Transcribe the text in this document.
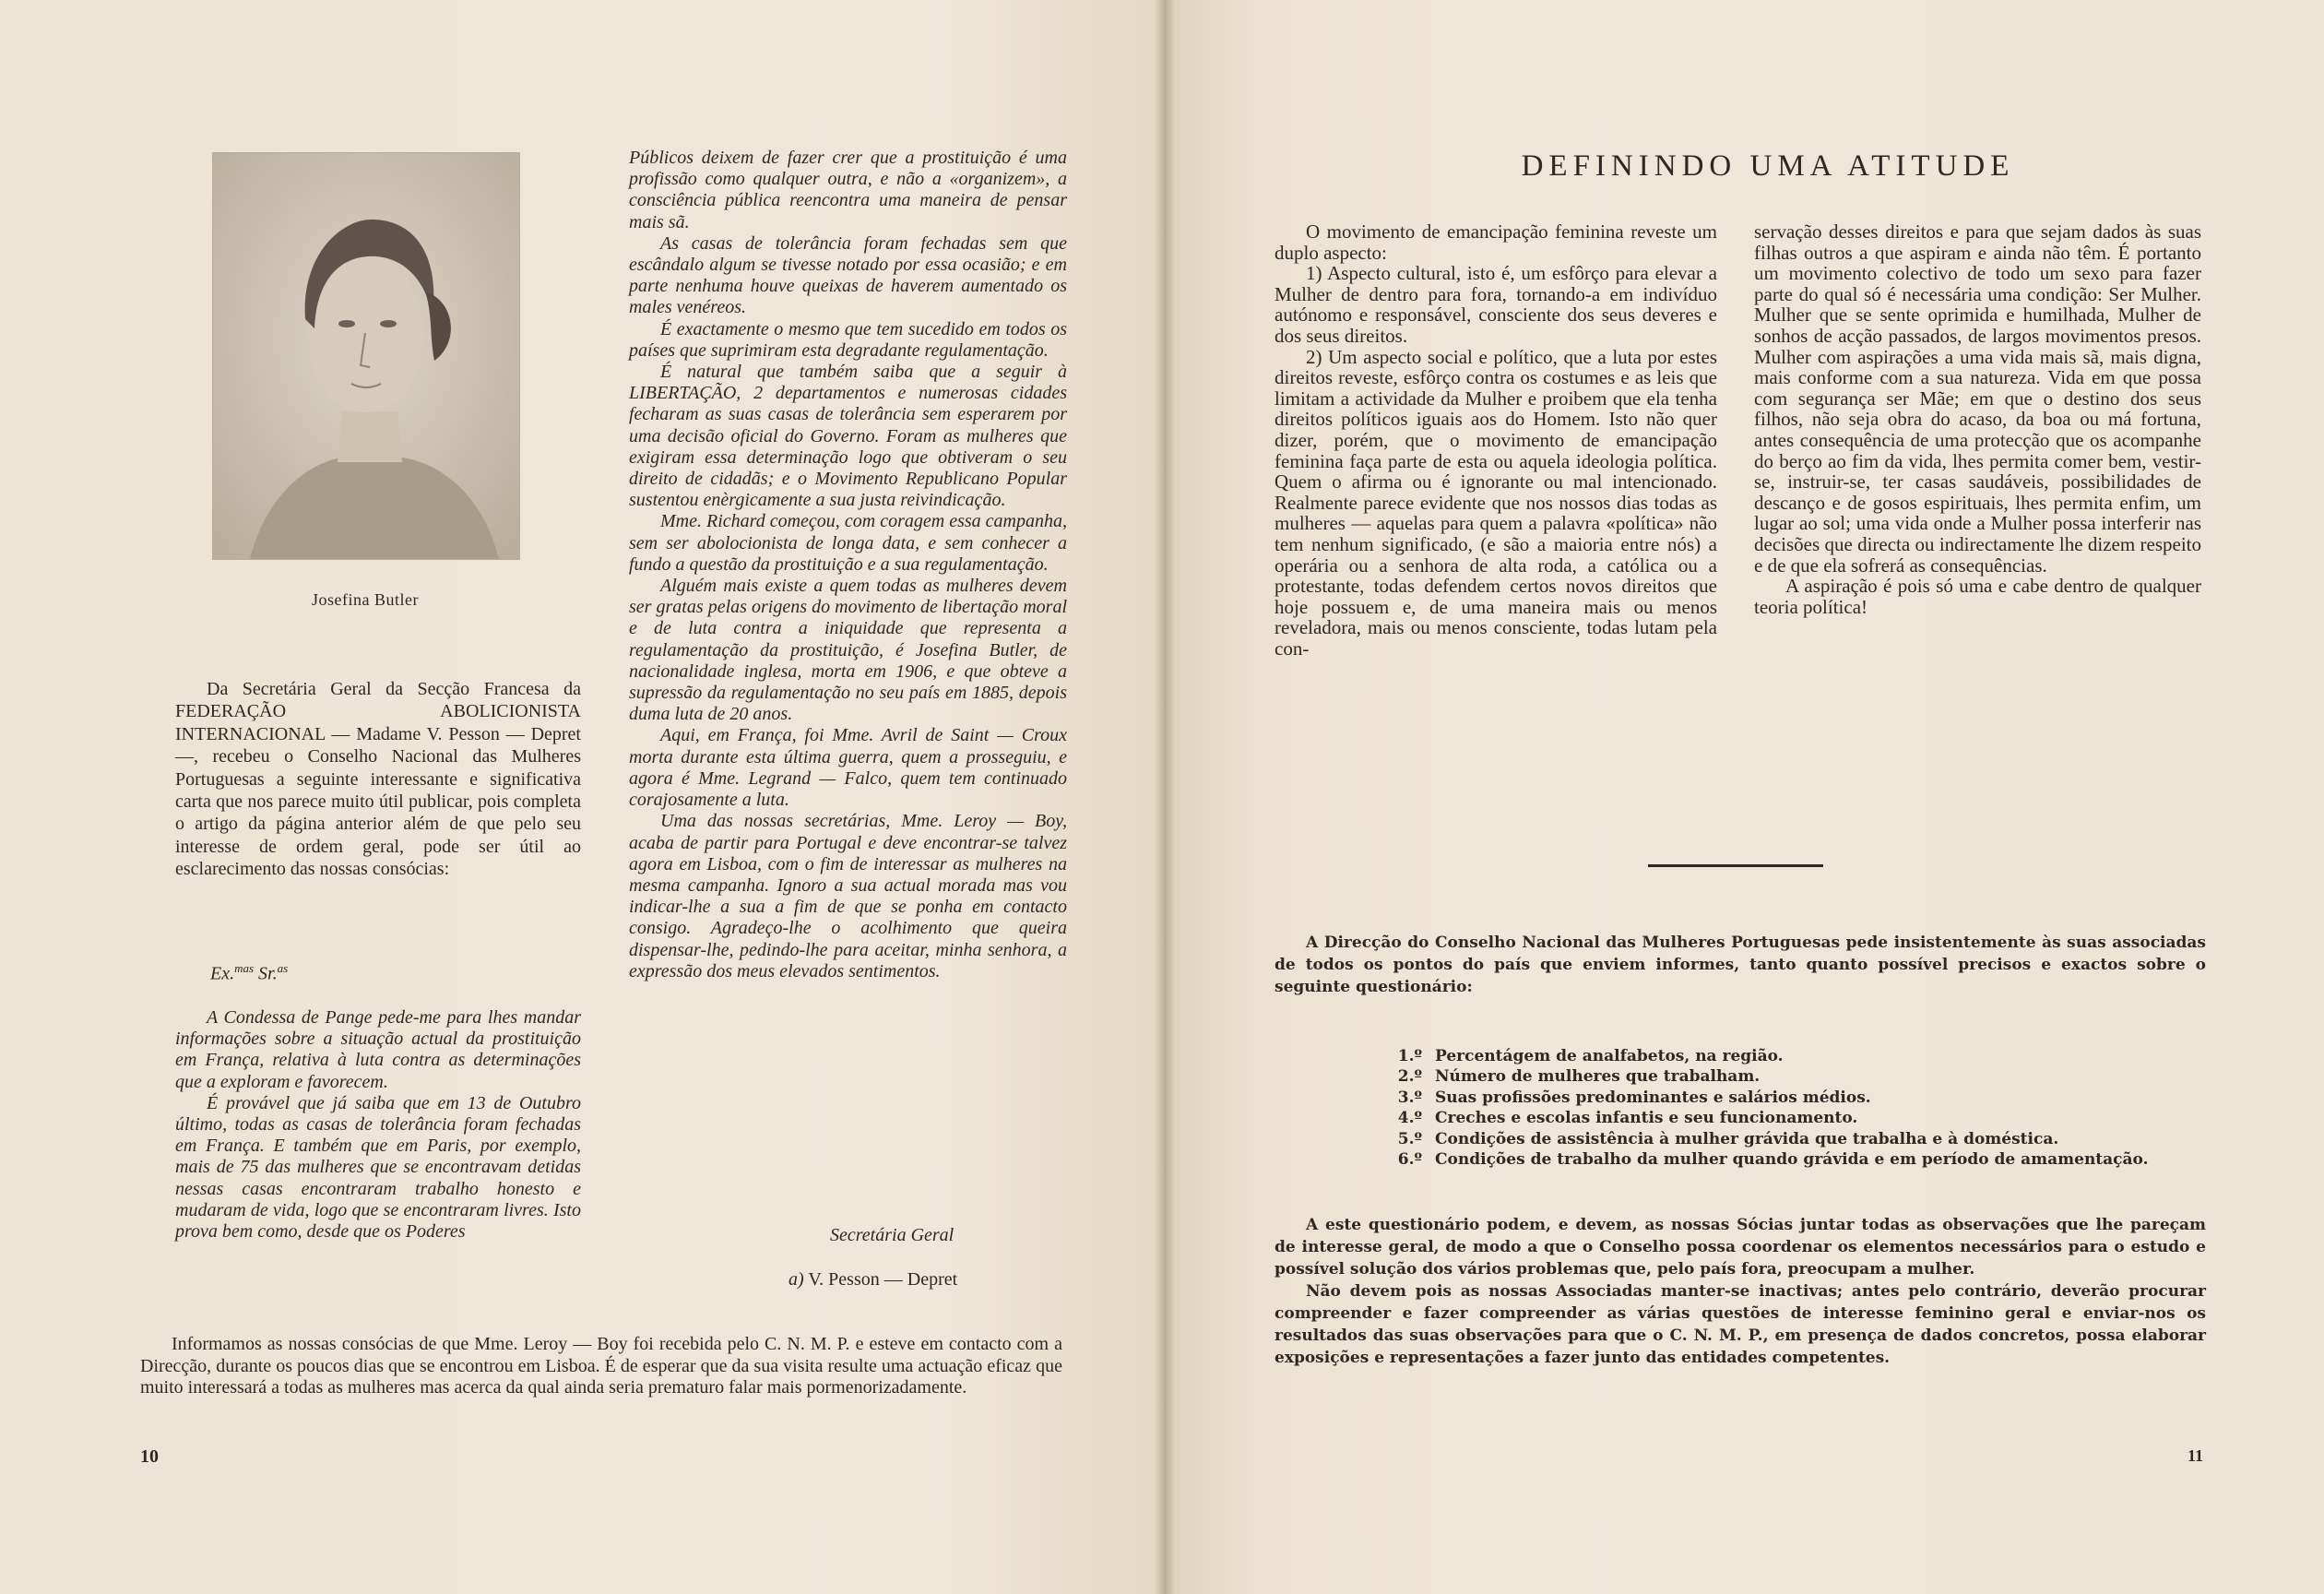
Josefina Butler

Da Secretária Geral da Secção Francesa da FEDERAÇÃO ABOLICIONISTA INTERNACIONAL — Madame V. Pesson — Depret —, recebeu o Conselho Nacional das Mulheres Portuguesas a seguinte interessante e significativa carta que nos parece muito útil publicar, pois completa o artigo da página anterior além de que pelo seu interesse de ordem geral, pode ser útil ao esclarecimento das nossas consócias:

Ex.$^{mas}$ Sr.$^{as}$

A Condessa de Pange pede-me para lhes mandar informações sobre a situação actual da prostituição em França, relativa à luta contra as determinações que a exploram e favorecem.

É provável que já saiba que em 13 de Outubro último, todas as casas de tolerância foram fechadas em França. E também que em Paris, por exemplo, mais de 75 das mulheres que se encontravam detidas nessas casas encontraram trabalho honesto e mudaram de vida, logo que se encontraram livres. Isto prova bem como, desde que os Poderes

Públicos deixem de fazer crer que a prostituição é uma profissão como qualquer outra, e não a «organizem», a consciência pública reencontra uma maneira de pensar mais sã.

As casas de tolerância foram fechadas sem que escândalo algum se tivesse notado por essa ocasião; e em parte nenhuma houve queixas de haverem aumentado os males venéreos.

É exactamente o mesmo que tem sucedido em todos os países que suprimiram esta degradante regulamentação.

É natural que também saiba que a seguir à LIBERTAÇÃO, 2 departamentos e numerosas cidades fecharam as suas casas de tolerância sem esperarem por uma decisão oficial do Governo. Foram as mulheres que exigiram essa determinação logo que obtiveram o seu direito de cidadãs; e o Movimento Republicano Popular sustentou enèrgicamente a sua justa reivindicação.

Mme. Richard começou, com coragem essa campanha, sem ser abolocionista de longa data, e sem conhecer a fundo a questão da prostituição e a sua regulamentação.

Alguém mais existe a quem todas as mulheres devem ser gratas pelas origens do movimento de libertação moral e de luta contra a iniquidade que representa a regulamentação da prostituição, é Josefina Butler, de nacionalidade inglesa, morta em 1906, e que obteve a supressão da regulamentação no seu país em 1885, depois duma luta de 20 anos.

Aqui, em França, foi Mme. Avril de Saint — Croux morta durante esta última guerra, quem a prosseguiu, e agora é Mme. Legrand — Falco, quem tem continuado corajosamente a luta.

Uma das nossas secretárias, Mme. Leroy — Boy, acaba de partir para Portugal e deve encontrar-se talvez agora em Lisboa, com o fim de interessar as mulheres na mesma campanha. Ignoro a sua actual morada mas vou indicar-lhe a sua a fim de que se ponha em contacto consigo. Agradeço-lhe o acolhimento que queira dispensar-lhe, pedindo-lhe para aceitar, minha senhora, a expressão dos meus elevados sentimentos.

Secretária Geral
a) V. Pesson — Depret

Informamos as nossas consócias de que Mme. Leroy — Boy foi recebida pelo C. N. M. P. e esteve em contacto com a Direcção, durante os poucos dias que se encontrou em Lisboa. É de esperar que da sua visita resulte uma actuação eficaz que muito interessará a todas as mulheres mas acerca da qual ainda seria prematuro falar mais pormenorizadamente.

10
DEFININDO UMA ATITUDE

O movimento de emancipação feminina reveste um duplo aspecto:

1) Aspecto cultural, isto é, um esfôrço para elevar a Mulher de dentro para fora, tornando-a em indivíduo autónomo e responsável, consciente dos seus deveres e dos seus direitos.

2) Um aspecto social e político, que a luta por estes direitos reveste, esfôrço contra os costumes e as leis que limitam a actividade da Mulher e proibem que ela tenha direitos políticos iguais aos do Homem. Isto não quer dizer, porém, que o movimento de emancipação feminina faça parte de esta ou aquela ideologia política. Quem o afirma ou é ignorante ou mal intencionado. Realmente parece evidente que nos nossos dias todas as mulheres — aquelas para quem a palavra «política» não tem nenhum significado, (e são a maioria entre nós) a operária ou a senhora de alta roda, a católica ou a protestante, todas defendem certos novos direitos que hoje possuem e, de uma maneira mais ou menos reveladora, mais ou menos consciente, todas lutam pela con-

servação desses direitos e para que sejam dados às suas filhas outros a que aspiram e ainda não têm. É portanto um movimento colectivo de todo um sexo para fazer parte do qual só é necessária uma condição: Ser Mulher. Mulher que se sente oprimida e humilhada, Mulher de sonhos de acção passados, de largos movimentos presos. Mulher com aspirações a uma vida mais sã, mais digna, mais conforme com a sua natureza. Vida em que possa com segurança ser Mãe; em que o destino dos seus filhos, não seja obra do acaso, da boa ou má fortuna, antes consequência de uma protecção que os acompanhe do berço ao fim da vida, lhes permita comer bem, vestir-se, instruir-se, ter casas saudáveis, possibilidades de descanço e de gosos espirituais, lhes permita enfim, um lugar ao sol; uma vida onde a Mulher possa interferir nas decisões que directa ou indirectamente lhe dizem respeito e de que ela sofrerá as consequências.

A aspiração é pois só uma e cabe dentro de qualquer teoria política!

A Direcção do Conselho Nacional das Mulheres Portuguesas pede insistentemente às suas associadas de todos os pontos do país que enviem informes, tanto quanto possível precisos e exactos sobre o seguinte questionário:

1.º Percentágem de analfabetos, na região.
2.º Número de mulheres que trabalham.
3.º Suas profissões predominantes e salários médios.
4.º Creches e escolas infantis e seu funcionamento.
5.º Condições de assistência à mulher grávida que trabalha e à doméstica.
6.º Condições de trabalho da mulher quando grávida e em período de amamentação.

A este questionário podem, e devem, as nossas Sócias juntar todas as observações que lhe pareçam de interesse geral, de modo a que o Conselho possa coordenar os elementos necessários para o estudo e possível solução dos vários problemas que, pelo país fora, preocupam a mulher.

Não devem pois as nossas Associadas manter-se inactivas; antes pelo contrário, deverão procurar compreender e fazer compreender as várias questões de interesse feminino geral e enviar-nos os resultados das suas observações para que o C. N. M. P., em presença de dados concretos, possa elaborar exposições e representações a fazer junto das entidades competentes.

11
